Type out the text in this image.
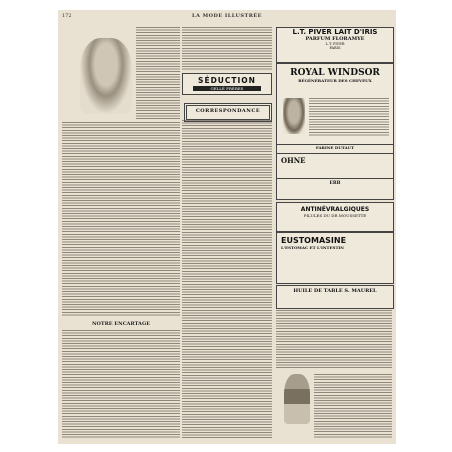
172	LA MODE ILLUSTRÉE
NOTRE ENCARTAGE
SÉDUCTION
GELLÉ FRÈRES
CORRESPONDANCE
L.T. PIVER LAIT D'IRIS
PARFUM FLORAMYE
L.T. PIVER
PARIS
ROYAL WINDSOR
RÉGÉNÉRATEUR DES CHEVEUX
FARINE DUTAUT
OHNE
ERB
ANTINÉVRALGIQUES
PILULES DU DR MOUSSETTE
EUSTOMASINE
L'ESTOMAC ET L'INTESTIN
HUILE DE TABLE S. MAUREL
